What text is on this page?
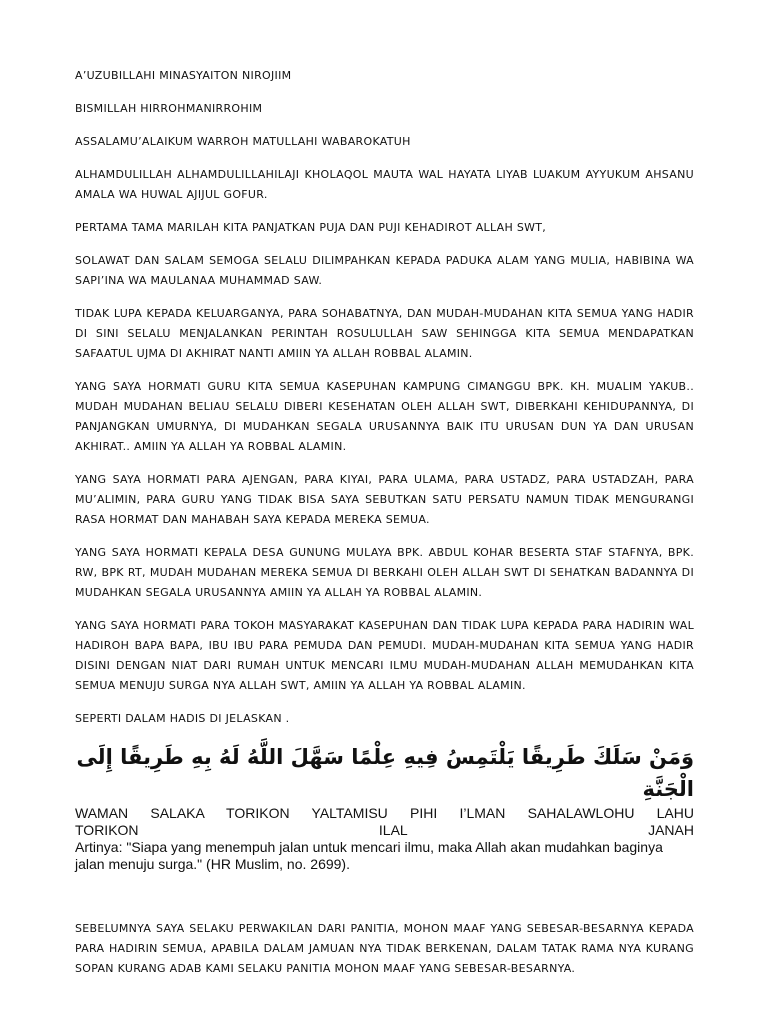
A’UZUBILLAHI MINASYAITON NIROJIIM

BISMILLAH HIRROHMANIRROHIM

ASSALAMU’ALAIKUM WARROH MATULLAHI WABAROKATUH

ALHAMDULILLAH ALHAMDULILLAHILAJI KHOLAQOL MAUTA WAL HAYATA LIYAB LUAKUM AYYUKUM AHSANU AMALA WA HUWAL AJIJUL GOFUR.

PERTAMA TAMA MARILAH KITA PANJATKAN PUJA DAN PUJI KEHADIROT ALLAH SWT,

SOLAWAT DAN SALAM SEMOGA SELALU DILIMPAHKAN KEPADA PADUKA ALAM YANG MULIA, HABIBINA WA SAPI’INA WA MAULANAA MUHAMMAD SAW.

TIDAK LUPA KEPADA KELUARGANYA, PARA SOHABATNYA, DAN MUDAH-MUDAHAN KITA SEMUA YANG HADIR DI SINI SELALU MENJALANKAN PERINTAH ROSULULLAH SAW SEHINGGA KITA SEMUA MENDAPATKAN SAFAATUL UJMA DI AKHIRAT NANTI AMIIN YA ALLAH ROBBAL ALAMIN.

YANG SAYA HORMATI GURU KITA SEMUA KASEPUHAN KAMPUNG CIMANGGU BPK. KH. MUALIM YAKUB.. MUDAH MUDAHAN BELIAU SELALU DIBERI KESEHATAN OLEH ALLAH SWT, DIBERKAHI KEHIDUPANNYA, DI PANJANGKAN UMURNYA, DI MUDAHKAN SEGALA URUSANNYA BAIK ITU URUSAN DUN YA DAN URUSAN AKHIRAT.. AMIIN YA ALLAH YA ROBBAL ALAMIN.

YANG SAYA HORMATI PARA AJENGAN, PARA KIYAI, PARA ULAMA, PARA USTADZ, PARA USTADZAH, PARA MU’ALIMIN, PARA GURU YANG TIDAK BISA SAYA SEBUTKAN SATU PERSATU NAMUN TIDAK MENGURANGI RASA HORMAT DAN MAHABAH SAYA KEPADA MEREKA SEMUA.

YANG SAYA HORMATI KEPALA DESA GUNUNG MULAYA BPK. ABDUL KOHAR BESERTA STAF STAFNYA, BPK. RW, BPK RT, MUDAH MUDAHAN MEREKA SEMUA DI BERKAHI OLEH ALLAH SWT DI SEHATKAN BADANNYA DI MUDAHKAN SEGALA URUSANNYA AMIIN YA ALLAH YA ROBBAL ALAMIN.

YANG SAYA HORMATI PARA TOKOH MASYARAKAT KASEPUHAN DAN TIDAK LUPA KEPADA PARA HADIRIN WAL HADIROH BAPA BAPA, IBU IBU PARA PEMUDA DAN PEMUDI. MUDAH-MUDAHAN KITA SEMUA YANG HADIR DISINI DENGAN NIAT DARI RUMAH UNTUK MENCARI ILMU MUDAH-MUDAHAN ALLAH MEMUDAHKAN KITA SEMUA MENUJU SURGA NYA ALLAH SWT, AMIIN YA ALLAH YA ROBBAL ALAMIN.

SEPERTI DALAM HADIS DI JELASKAN .

وَمَنْ سَلَكَ طَرِيقًا يَلْتَمِسُ فِيهِ عِلْمًا سَهَّلَ اللَّهُ لَهُ بِهِ طَرِيقًا إِلَى الْجَنَّةِ
WAMAN SALAKA TORIKON YALTAMISU PIHI I’LMAN SAHALAWLOHU LAHU
TORIKON	ILAL	JANAH
Artinya: "Siapa yang menempuh jalan untuk mencari ilmu, maka Allah akan mudahkan baginya jalan menuju surga." (HR Muslim, no. 2699).

SEBELUMNYA SAYA SELAKU PERWAKILAN DARI PANITIA, MOHON MAAF YANG SEBESAR-BESARNYA KEPADA PARA HADIRIN SEMUA, APABILA DALAM JAMUAN NYA TIDAK BERKENAN, DALAM TATAK RAMA NYA KURANG SOPAN KURANG ADAB KAMI SELAKU PANITIA MOHON MAAF YANG SEBESAR-BESARNYA.
